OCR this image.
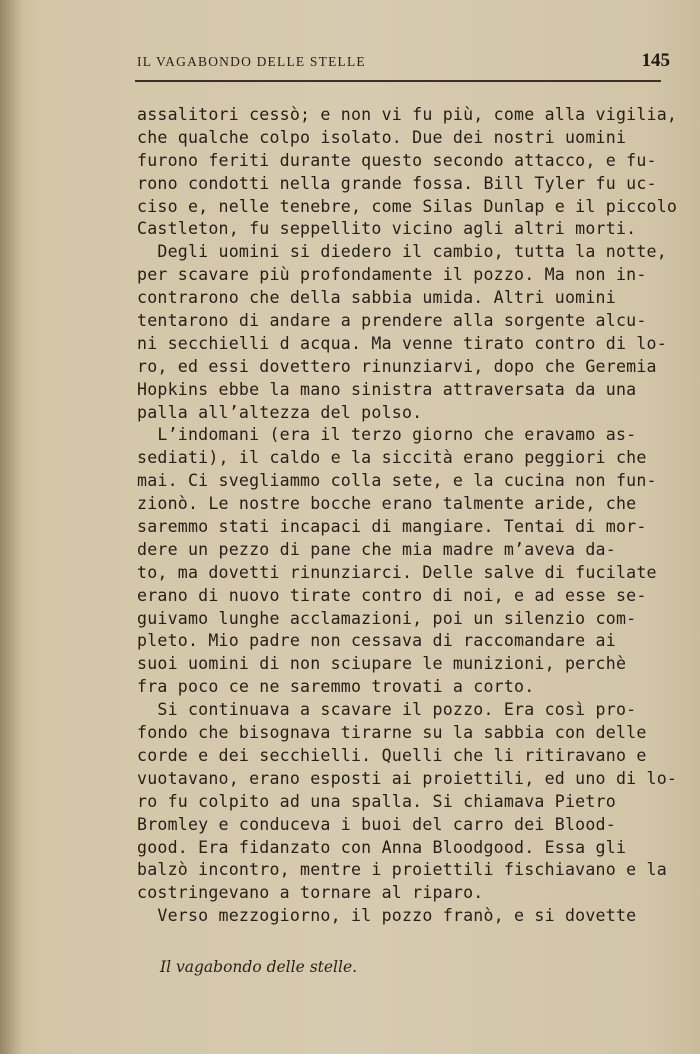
IL VAGABONDO DELLE STELLE	145
assalitori cessò; e non vi fu più, come alla vigilia,
che qualche colpo isolato. Due dei nostri uomini
furono feriti durante questo secondo attacco, e fu-
rono condotti nella grande fossa. Bill Tyler fu uc-
ciso e, nelle tenebre, come Silas Dunlap e il piccolo
Castleton, fu seppellito vicino agli altri morti.
Degli uomini si diedero il cambio, tutta la notte,
per scavare più profondamente il pozzo. Ma non in-
contrarono che della sabbia umida. Altri uomini
tentarono di andare a prendere alla sorgente alcu-
ni secchielli d acqua. Ma venne tirato contro di lo-
ro, ed essi dovettero rinunziarvi, dopo che Geremia
Hopkins ebbe la mano sinistra attraversata da una
palla all’altezza del polso.
L’indomani (era il terzo giorno che eravamo as-
sediati), il caldo e la siccità erano peggiori che
mai. Ci svegliammo colla sete, e la cucina non fun-
zionò. Le nostre bocche erano talmente aride, che
saremmo stati incapaci di mangiare. Tentai di mor-
dere un pezzo di pane che mia madre m’aveva da-
to, ma dovetti rinunziarci. Delle salve di fucilate
erano di nuovo tirate contro di noi, e ad esse se-
guivamo lunghe acclamazioni, poi un silenzio com-
pleto. Mio padre non cessava di raccomandare ai
suoi uomini di non sciupare le munizioni, perchè
fra poco ce ne saremmo trovati a corto.
Si continuava a scavare il pozzo. Era così pro-
fondo che bisognava tirarne su la sabbia con delle
corde e dei secchielli. Quelli che li ritiravano e
vuotavano, erano esposti ai proiettili, ed uno di lo-
ro fu colpito ad una spalla. Si chiamava Pietro
Bromley e conduceva i buoi del carro dei Blood-
good. Era fidanzato con Anna Bloodgood. Essa gli
balzò incontro, mentre i proiettili fischiavano e la
costringevano a tornare al riparo.
Verso mezzogiorno, il pozzo franò, e si dovette
Il vagabondo delle stelle.
